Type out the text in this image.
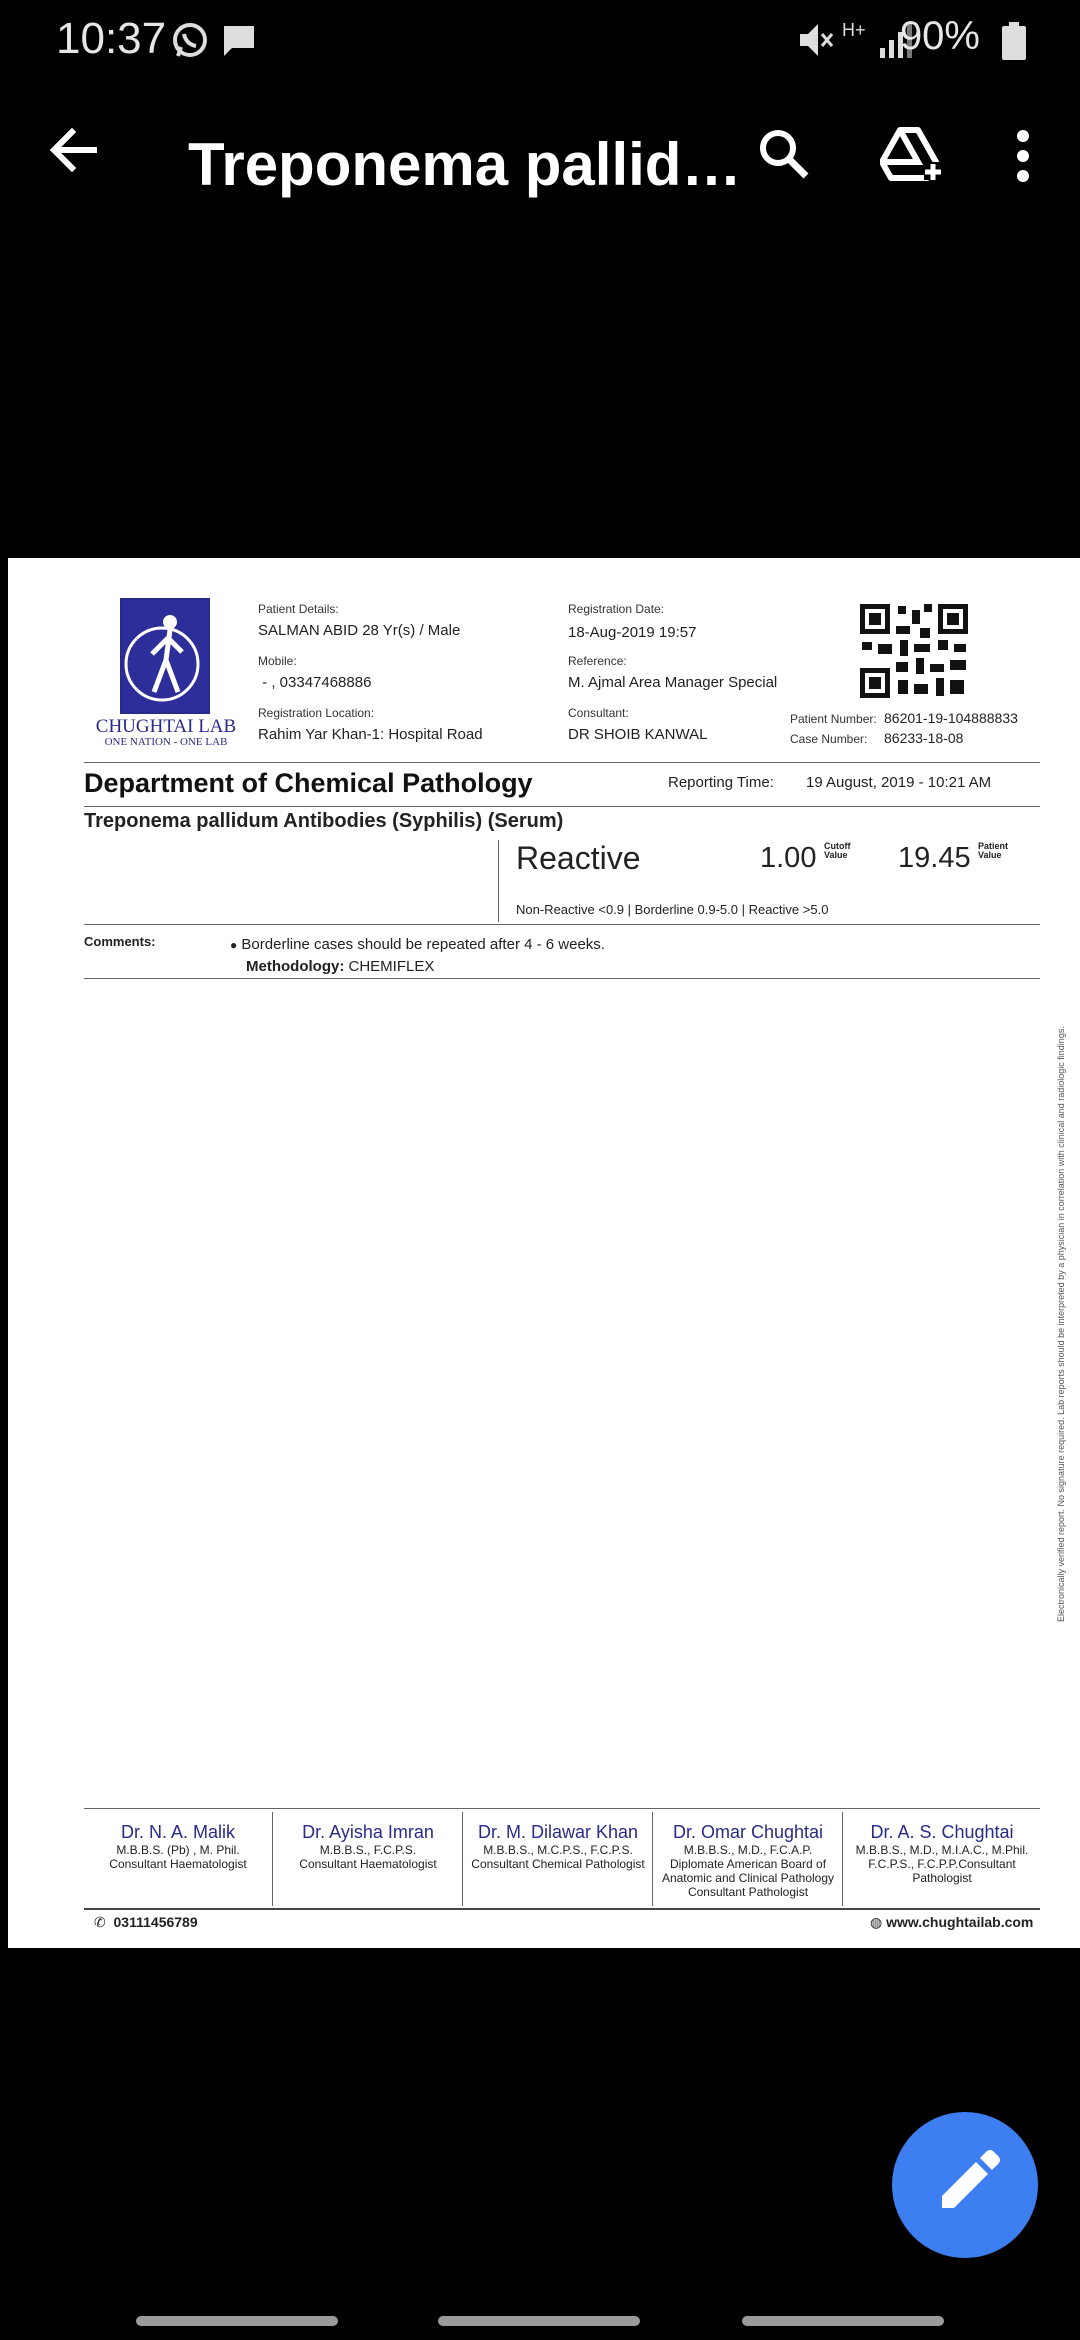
10:37	H+ 90%
Treponema pallid…
CHUGHTAI LAB
ONE NATION - ONE LAB
Patient Details:
SALMAN ABID 28 Yr(s) / Male
Mobile:
- , 03347468886
Registration Location:
Rahim Yar Khan-1: Hospital Road
Registration Date:
18-Aug-2019 19:57
Reference:
M. Ajmal Area Manager Special
Consultant:
DR SHOIB KANWAL
Patient Number: 86201-19-104888833
Case Number: 86233-18-08
Department of Chemical Pathology	Reporting Time: 19 August, 2019 - 10:21 AM
Treponema pallidum Antibodies (Syphilis) (Serum)
Reactive	1.00 Cutoff
Value 19.45 Patient
Value
Non-Reactive <0.9 | Borderline 0.9-5.0 | Reactive >5.0
Comments:	● Borderline cases should be repeated after 4 - 6 weeks.
Methodology: CHEMIFLEX
Electronically verified report. No signature required. Lab reports should be interpreted by a physician in correlation with clinical and radiologic findings.
Dr. N. A. Malik
M.B.B.S. (Pb) , M. Phil.
Consultant Haematologist
Dr. Ayisha Imran
M.B.B.S., F.C.P.S.
Consultant Haematologist
Dr. M. Dilawar Khan
M.B.B.S., M.C.P.S., F.C.P.S.
Consultant Chemical Pathologist
Dr. Omar Chughtai
M.B.B.S., M.D., F.C.A.P.
Diplomate American Board of
Anatomic and Clinical Pathology
Consultant Pathologist
Dr. A. S. Chughtai
M.B.B.S., M.D., M.I.A.C., M.Phil.
F.C.P.S., F.C.P.P.Consultant
Pathologist
✆ 03111456789	◍ www.chughtailab.com
